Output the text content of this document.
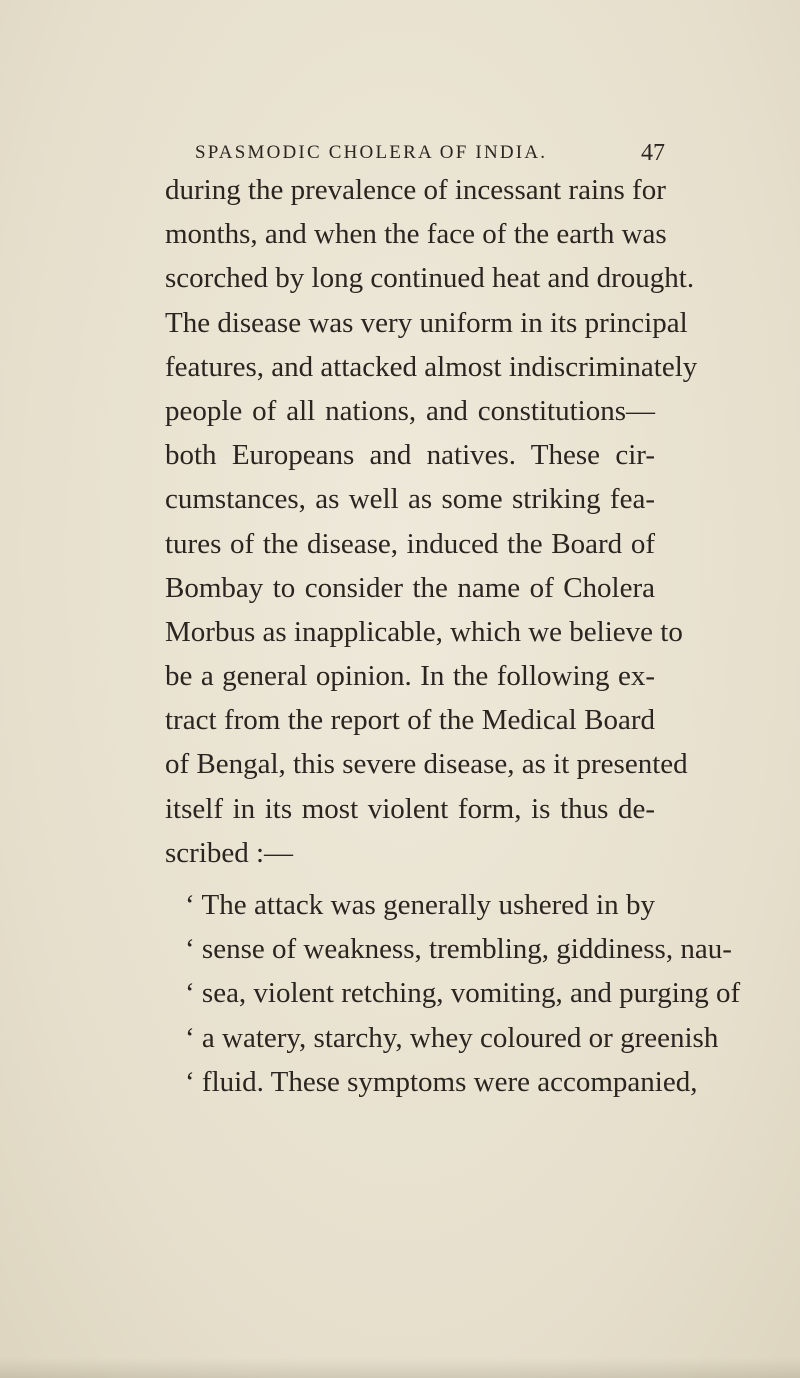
SPASMODIC CHOLERA OF INDIA.	47
during the prevalence of incessant rains for
months, and when the face of the earth was
scorched by long continued heat and drought.
The disease was very uniform in its principal
features, and attacked almost indiscriminately
people of all nations, and constitutions—
both Europeans and natives. These cir-
cumstances, as well as some striking fea-
tures of the disease, induced the Board of
Bombay to consider the name of Cholera
Morbus as inapplicable, which we believe to
be a general opinion. In the following ex-
tract from the report of the Medical Board
of Bengal, this severe disease, as it presented
itself in its most violent form, is thus de-
scribed :—
‘ The attack was generally ushered in by
‘ sense of weakness, trembling, giddiness, nau-
‘ sea, violent retching, vomiting, and purging of
‘ a watery, starchy, whey coloured or greenish
‘ fluid. These symptoms were accompanied,
